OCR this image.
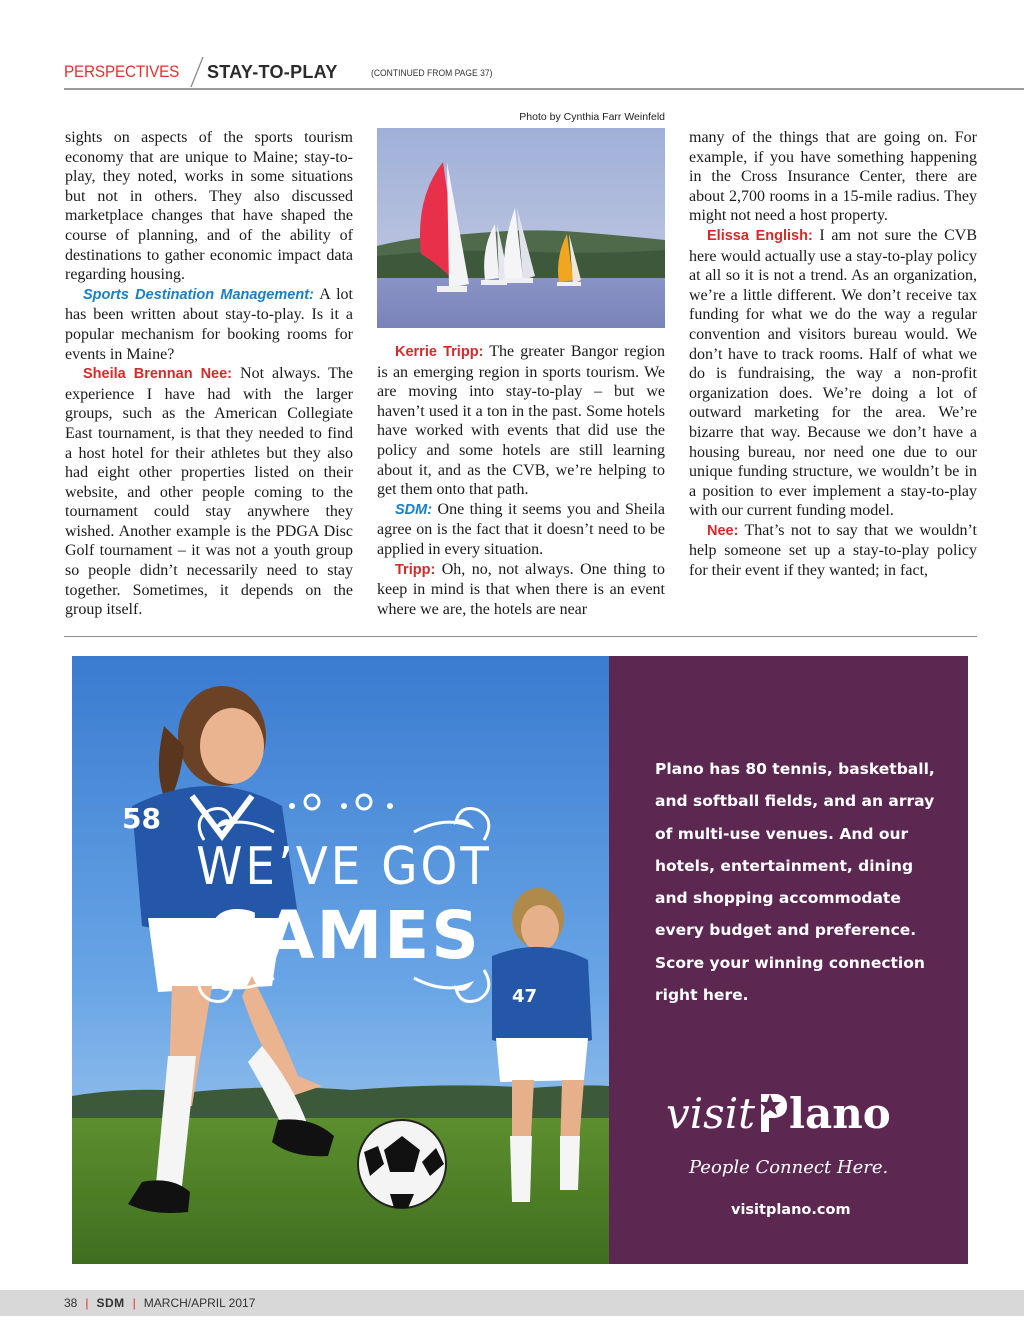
PERSPECTIVES STAY-TO-PLAY	(CONTINUED FROM PAGE 37)

sights on aspects of the sports tourism economy that are unique to Maine; stay-to-play, they noted, works in some situations but not in others. They also discussed marketplace changes that have shaped the course of planning, and of the ability of destinations to gather economic impact data regarding housing.

Sports Destination Management: A lot has been written about stay-to-play. Is it a popular mechanism for booking rooms for events in Maine?

Sheila Brennan Nee: Not always. The experience I have had with the larger groups, such as the American Collegiate East tournament, is that they needed to find a host hotel for their athletes but they also had eight other properties listed on their website, and other people coming to the tournament could stay anywhere they wished. Another example is the PDGA Disc Golf tournament – it was not a youth group so people didn’t necessarily need to stay together. Sometimes, it depends on the group itself.

Photo by Cynthia Farr Weinfeld

Kerrie Tripp: The greater Bangor region is an emerging region in sports tourism. We are moving into stay-to-play – but we haven’t used it a ton in the past. Some hotels have worked with events that did use the policy and some hotels are still learning about it, and as the CVB, we’re helping to get them onto that path.

SDM: One thing it seems you and Sheila agree on is the fact that it doesn’t need to be applied in every situation.

Tripp: Oh, no, not always. One thing to keep in mind is that when there is an event where we are, the hotels are near

many of the things that are going on. For example, if you have something happening in the Cross Insurance Center, there are about 2,700 rooms in a 15-mile radius. They might not need a host property.

Elissa English: I am not sure the CVB here would actually use a stay-to-play policy at all so it is not a trend. As an organization, we’re a little different. We don’t receive tax funding for what we do the way a regular convention and visitors bureau would. We don’t have to track rooms. Half of what we do is fundraising, the way a non-profit organization does. We’re doing a lot of outward marketing for the area. We’re bizarre that way. Because we don’t have a housing bureau, nor need one due to our unique funding structure, we wouldn’t be in a position to ever implement a stay-to-play with our current funding model.

Nee: That’s not to say that we wouldn’t help someone set up a stay-to-play policy for their event if they wanted; in fact,

58
47
WE’VE GOT
GAMES
Plano has 80 tennis, basketball,
and softball fields, and an array
of multi-use venues. And our
hotels, entertainment, dining
and shopping accommodate
every budget and preference.
Score your winning connection
right here.
visit lano
People Connect Here.
visitplano.com
38 | SDM | MARCH/APRIL 2017
